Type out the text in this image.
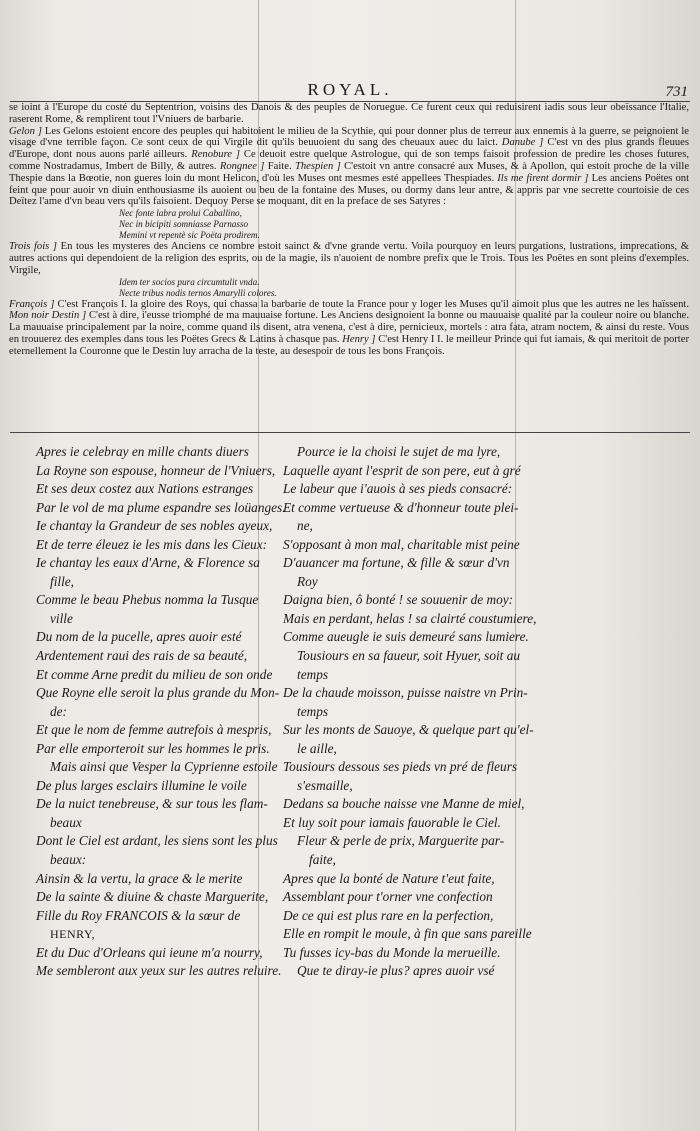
ROYAL.	731

se ioint à l'Europe du costé du Septentrion, voisins des Danois & des peuples de Noruegue. Ce furent ceux qui reduisirent iadis sous leur obeïssance l'Italie, raserent Rome, & remplirent tout l'Vniuers de barbarie.

Gelon ] Les Gelons estoient encore des peuples qui habitoient le milieu de la Scythie, qui pour donner plus de terreur aux ennemis à la guerre, se peignoient le visage d'vne terrible façon. Ce sont ceux de qui Virgile dit qu'ils beuuoient du sang des cheuaux auec du laict. Danube ] C'est vn des plus grands fleuues d'Europe, dont nous auons parlé ailleurs. Renobure ] Ce deuoit estre quelque Astrologue, qui de son temps faisoit profession de predire les choses futures, comme Nostradamus, Imbert de Billy, & autres. Rongnee ] Faite. Thespien ] C'estoit vn antre consacré aux Muses, & à Apollon, qui estoit proche de la ville Thespie dans la Bœotie, non gueres loin du mont Helicon, d'où les Muses ont mesmes esté appellees Thespiades. Ils me firent dormir ] Les anciens Poëtes ont feint que pour auoir vn diuin enthousiasme ils auoient ou beu de la fontaine des Muses, ou dormy dans leur antre, & appris par vne secrette courtoisie de ces Deïtez l'ame d'vn beau vers qu'ils faisoient. Dequoy Perse se moquant, dit en la preface de ses Satyres :

Nec fonte labra prolui Caballino,

Nec in bicipiti somniasse Parnasso

Memini vt repentè sic Poëta prodirem.

Trois fois ] En tous les mysteres des Anciens ce nombre estoit sainct & d'vne grande vertu. Voila pourquoy en leurs purgations, lustrations, imprecations, & autres actions qui dependoient de la religion des esprits, ou de la magie, ils n'auoient de nombre prefix que le Trois. Tous les Poëtes en sont pleins d'exemples. Virgile,

Idem ter socios pura circumtulit vnda.

Necte tribus nodis ternos Amarylli colores.

François ] C'est François I. la gloire des Roys, qui chassa la barbarie de toute la France pour y loger les Muses qu'il aimoit plus que les autres ne les haïssent. Mon noir Destin ] C'est à dire, i'eusse triomphé de ma mauuaise fortune. Les Anciens designoient la bonne ou mauuaise qualité par la couleur noire ou blanche. La mauuaise principalement par la noire, comme quand ils disent, atra venena, c'est à dire, pernicieux, mortels : atra fata, atram noctem, & ainsi du reste. Vous en trouuerez des exemples dans tous les Poëtes Grecs & Latins à chasque pas. Henry ] C'est Henry I I. le meilleur Prince qui fut iamais, & qui meritoit de porter eternellement la Couronne que le Destin luy arracha de la teste, au desespoir de tous les bons François.

Apres ie celebray en mille chants diuers
La Royne son espouse, honneur de l'Vniuers,
Et ses deux costez aux Nations estranges
Par le vol de ma plume espandre ses loüanges.
Ie chantay la Grandeur de ses nobles ayeux,
Et de terre éleuez ie les mis dans les Cieux:
Ie chantay les eaux d'Arne, & Florence sa
fille,
Comme le beau Phebus nomma la Tusque
ville
Du nom de la pucelle, apres auoir esté
Ardentement raui des rais de sa beauté,
Et comme Arne predit du milieu de son onde
Que Royne elle seroit la plus grande du Mon-
de:
Et que le nom de femme autrefois à mespris,
Par elle emporteroit sur les hommes le pris.
Mais ainsi que Vesper la Cyprienne estoile
De plus larges esclairs illumine le voile
De la nuict tenebreuse, & sur tous les flam-
beaux
Dont le Ciel est ardant, les siens sont les plus
beaux:
Ainsin & la vertu, la grace & le merite
De la sainte & diuine & chaste Marguerite,
Fille du Roy FRANCOIS & la sœur de
HENRY,
Et du Duc d'Orleans qui ieune m'a nourry,
Me sembleront aux yeux sur les autres reluire.
Pource ie la choisi le sujet de ma lyre,
Laquelle ayant l'esprit de son pere, eut à gré
Le labeur que i'auois à ses pieds consacré:
Et comme vertueuse & d'honneur toute plei-
ne,
S'opposant à mon mal, charitable mist peine
D'auancer ma fortune, & fille & sœur d'vn
Roy
Daigna bien, ô bonté ! se souuenir de moy:
Mais en perdant, helas ! sa clairté coustumiere,
Comme aueugle ie suis demeuré sans lumiere.
Tousiours en sa faueur, soit Hyuer, soit au
temps
De la chaude moisson, puisse naistre vn Prin-
temps
Sur les monts de Sauoye, & quelque part qu'el-
le aille,
Tousiours dessous ses pieds vn pré de fleurs
s'esmaille,
Dedans sa bouche naisse vne Manne de miel,
Et luy soit pour iamais fauorable le Ciel.
Fleur & perle de prix, Marguerite par-
faite,
Apres que la bonté de Nature t'eut faite,
Assemblant pour t'orner vne confection
De ce qui est plus rare en la perfection,
Elle en rompit le moule, à fin que sans pareille
Tu fusses icy-bas du Monde la merueille.
Que te diray-ie plus? apres auoir vsé
